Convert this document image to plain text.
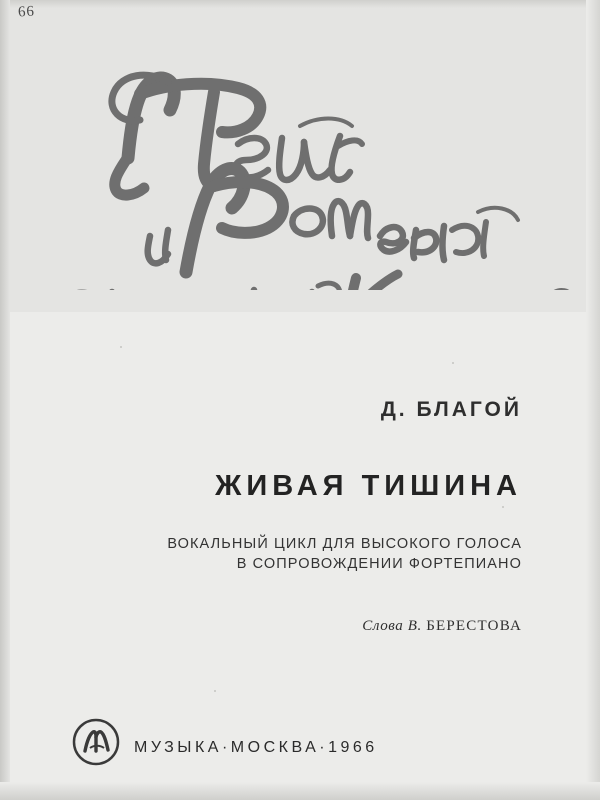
66
Д. БЛАГОЙ
ЖИВАЯ ТИШИНА
ВОКАЛЬНЫЙ ЦИКЛ ДЛЯ ВЫСОКОГО ГОЛОСА
В СОПРОВОЖДЕНИИ ФОРТЕПИАНО
Слова В. БЕРЕСТОВА
МУЗЫКА·МОСКВА·1966
